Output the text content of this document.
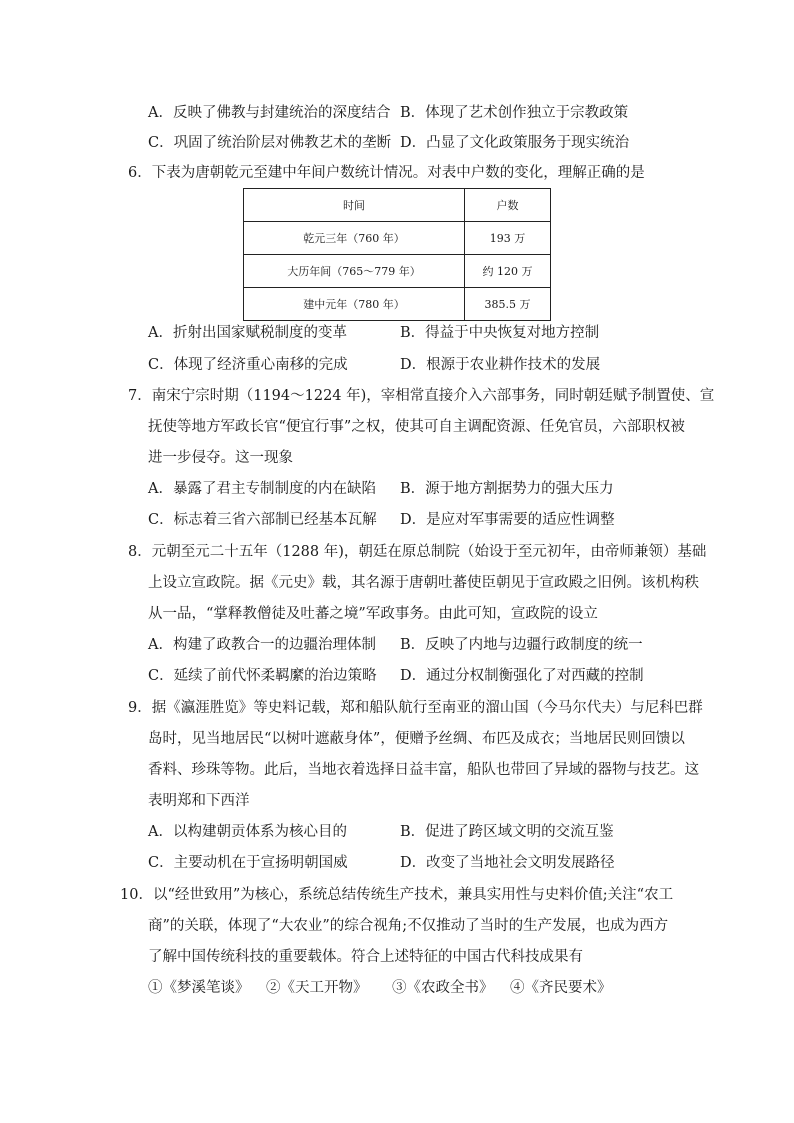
A．反映了佛教与封建统治的深度结合 B．体现了艺术创作独立于宗教政策
C．巩固了统治阶层对佛教艺术的垄断 D．凸显了文化政策服务于现实统治
6．下表为唐朝乾元至建中年间户数统计情况。对表中户数的变化，理解正确的是
时间	户数
乾元三年（760 年）	193 万
大历年间（765～779 年）	约 120 万
建中元年（780 年）	385.5 万
A．折射出国家赋税制度的变革	B．得益于中央恢复对地方控制
C．体现了经济重心南移的完成	D．根源于农业耕作技术的发展
7．南宋宁宗时期（1194～1224 年)，宰相常直接介入六部事务，同时朝廷赋予制置使、宣
抚使等地方军政长官“便宜行事”之权，使其可自主调配资源、任免官员，六部职权被
进一步侵夺。这一现象
A．暴露了君主专制制度的内在缺陷 B．源于地方割据势力的强大压力
C．标志着三省六部制已经基本瓦解 D．是应对军事需要的适应性调整
8．元朝至元二十五年（1288 年)，朝廷在原总制院（始设于至元初年，由帝师兼领）基础
上设立宣政院。据《元史》载，其名源于唐朝吐蕃使臣朝见于宣政殿之旧例。该机构秩
从一品，“掌释教僧徒及吐蕃之境”军政事务。由此可知，宣政院的设立
A．构建了政教合一的边疆治理体制 B．反映了内地与边疆行政制度的统一
C．延续了前代怀柔羁縻的治边策略 D．通过分权制衡强化了对西藏的控制
9．据《瀛涯胜览》等史料记载，郑和船队航行至南亚的溜山国（今马尔代夫）与尼科巴群
岛时，见当地居民“以树叶遮蔽身体”，便赠予丝绸、布匹及成衣；当地居民则回馈以
香料、珍珠等物。此后，当地衣着选择日益丰富，船队也带回了异域的器物与技艺。这
表明郑和下西洋
A．以构建朝贡体系为核心目的	B．促进了跨区域文明的交流互鉴
C．主要动机在于宣扬明朝国威	D．改变了当地社会文明发展路径
10．以“经世致用”为核心，系统总结传统生产技术，兼具实用性与史料价值;关注“农工
商”的关联，体现了“大农业”的综合视角;不仅推动了当时的生产发展，也成为西方
了解中国传统科技的重要载体。符合上述特征的中国古代科技成果有
①《梦溪笔谈》 ②《天工开物》 ③《农政全书》 ④《齐民要术》
